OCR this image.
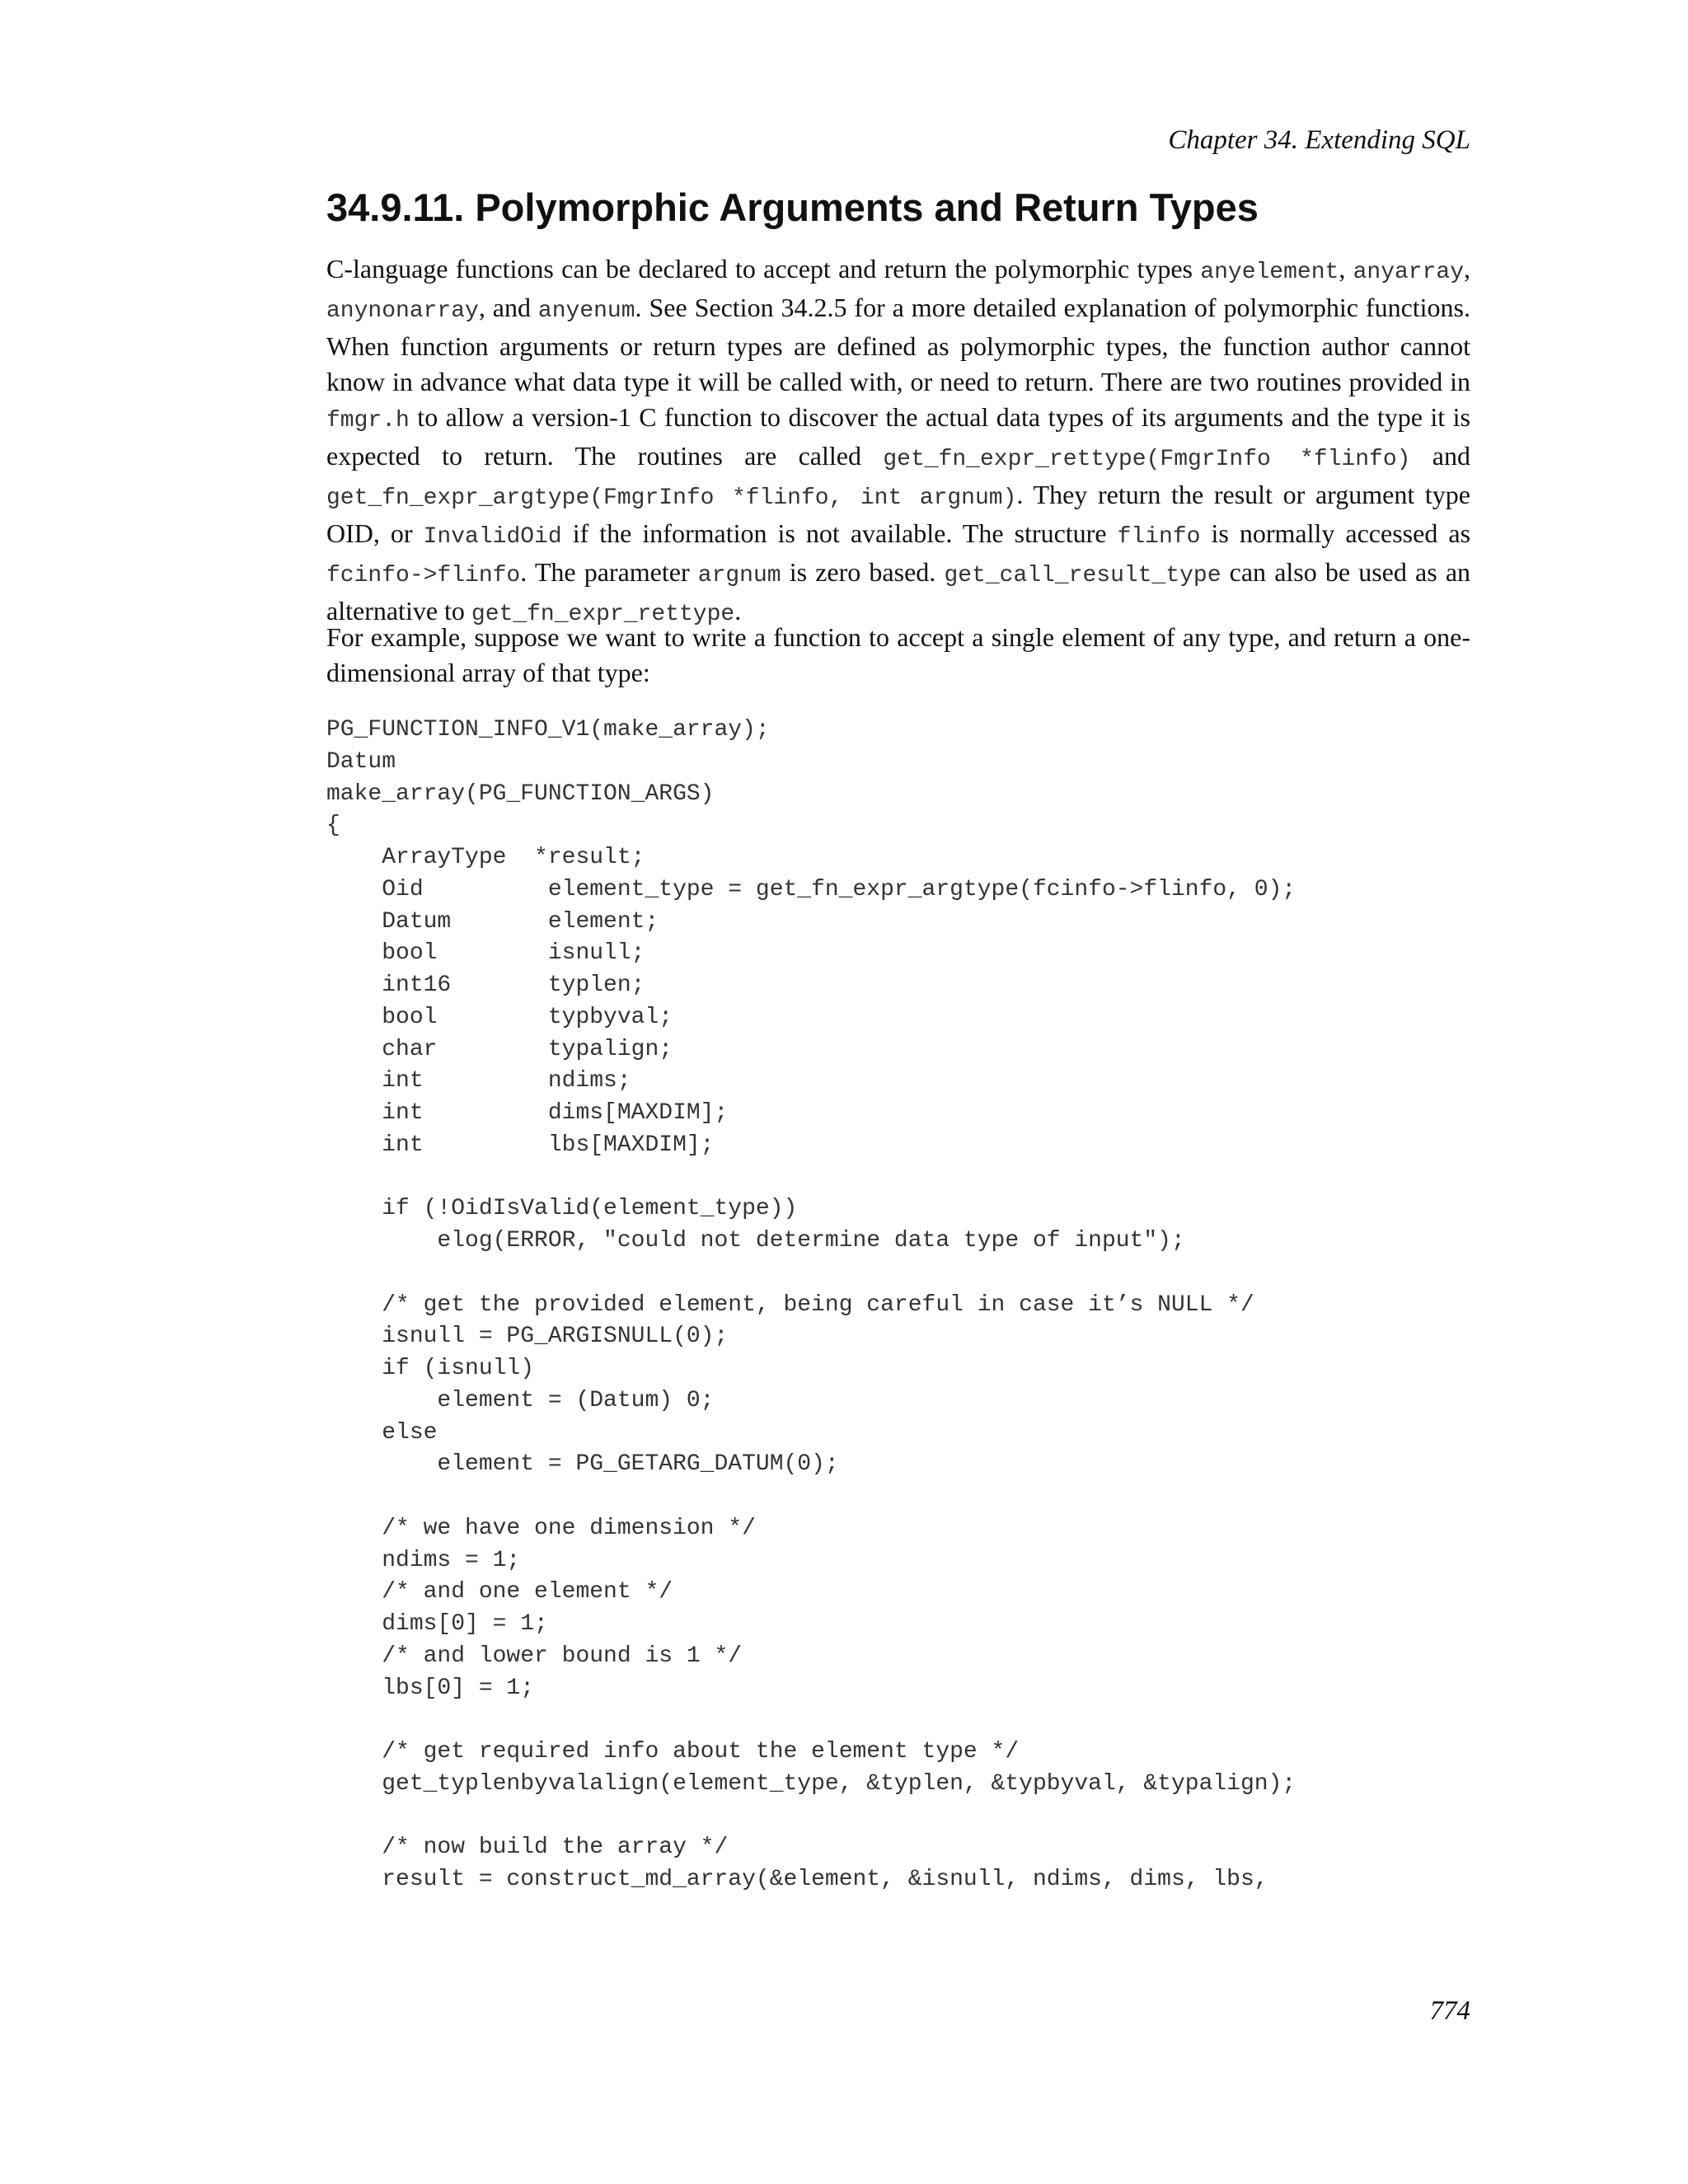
Chapter 34. Extending SQL
34.9.11. Polymorphic Arguments and Return Types

C-language functions can be declared to accept and return the polymorphic types anyelement, anyarray, anynonarray, and anyenum. See Section 34.2.5 for a more detailed explanation of polymorphic functions. When function arguments or return types are defined as polymorphic types, the function author cannot know in advance what data type it will be called with, or need to return. There are two routines provided in fmgr.h to allow a version-1 C function to discover the actual data types of its arguments and the type it is expected to return. The routines are called get_fn_expr_rettype(FmgrInfo *flinfo) and get_fn_expr_argtype(FmgrInfo *flinfo, int argnum). They return the result or argument type OID, or InvalidOid if the information is not available. The structure flinfo is normally accessed as fcinfo->flinfo. The parameter argnum is zero based. get_call_result_type can also be used as an alternative to get_fn_expr_rettype.

For example, suppose we want to write a function to accept a single element of any type, and return a one-dimensional array of that type:

PG_FUNCTION_INFO_V1(make_array);
Datum
make_array(PG_FUNCTION_ARGS)
{
ArrayType  *result;
Oid         element_type = get_fn_expr_argtype(fcinfo->flinfo, 0);
Datum       element;
bool        isnull;
int16       typlen;
bool        typbyval;
char        typalign;
int         ndims;
int         dims[MAXDIM];
int         lbs[MAXDIM];
if (!OidIsValid(element_type))
elog(ERROR, "could not determine data type of input");
/* get the provided element, being careful in case it’s NULL */
isnull = PG_ARGISNULL(0);
if (isnull)
element = (Datum) 0;
else
element = PG_GETARG_DATUM(0);
/* we have one dimension */
ndims = 1;
/* and one element */
dims[0] = 1;
/* and lower bound is 1 */
lbs[0] = 1;
/* get required info about the element type */
get_typlenbyvalalign(element_type, &typlen, &typbyval, &typalign);
/* now build the array */
result = construct_md_array(&element, &isnull, ndims, dims, lbs,
774
